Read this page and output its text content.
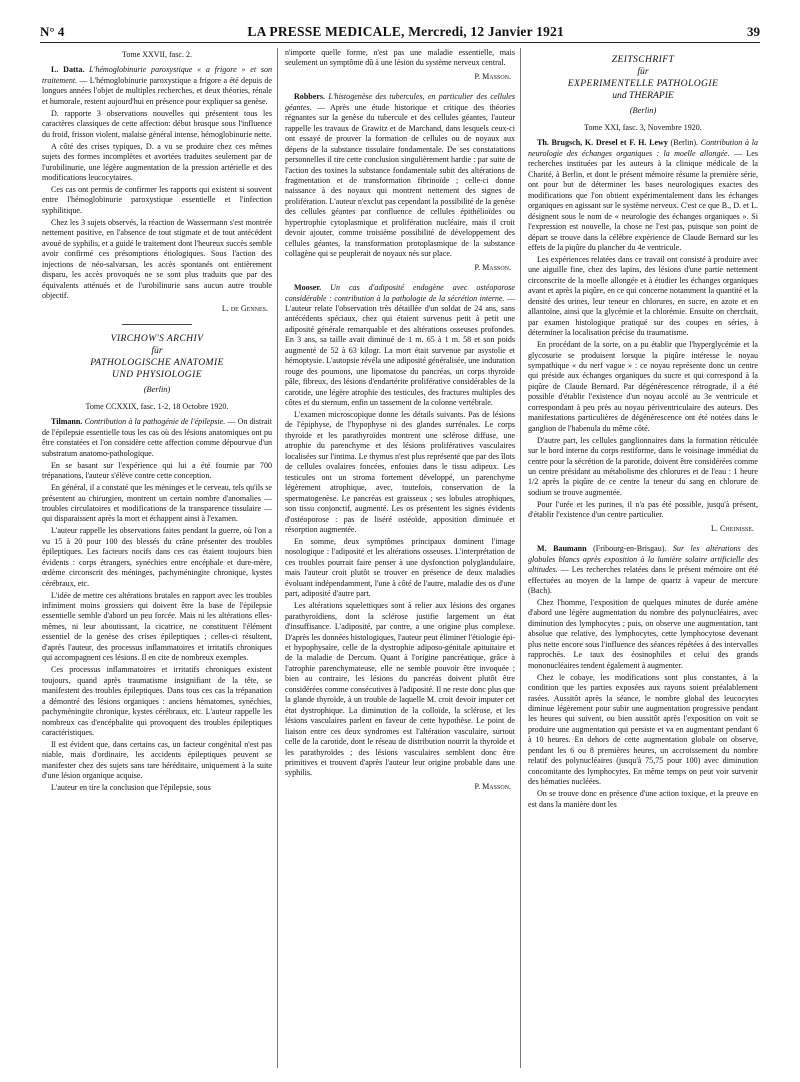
N° 4	LA PRESSE MEDICALE, Mercredi, 12 Janvier 1921	39
Tome XXVII, fasc. 2.

L. Datta. L'hémoglobinurie paroxystique « a frigore » et son traitement. — L'hémoglobinurie paroxystique a frigore a été depuis de longues années l'objet de multiples recherches, et deux théories, rénale et humorale, restent aujourd'hui en présence pour expliquer sa genèse.

D. rapporte 3 observations nouvelles qui présentent tous les caractères classiques de cette affection: début brusque sous l'influence du froid, frisson violent, malaise général intense, hémoglobinurie nette.

A côté des crises typiques, D. a vu se produire chez ces mêmes sujets des formes incomplètes et avortées traduites seulement par de l'urobilinurie, une légère augmentation de la pression artérielle et des modifications leucocytaires.

Ces cas ont permis de confirmer les rapports qui existent si souvent entre l'hémoglobinurie paroxystique essentielle et l'infection syphilitique.

Chez les 3 sujets observés, la réaction de Wassermann s'est montrée nettement positive, en l'absence de tout stigmate et de tout antécédent avoué de syphilis, et a guidé le traitement dont l'heureux succès semble avoir confirmé ces présomptions étiologiques. Sous l'action des injections de néo-salvarsan, les accès spontanés ont entièrement disparu, les accès provoqués ne se sont plus traduits que par des équivalents atténués et de l'urobilinurie sans aucun autre trouble objectif.

L. de Gennes.

VIRCHOW'S ARCHIV
für
PATHOLOGISCHE ANATOMIE
UND PHYSIOLOGIE
(Berlin)
Tome CCXXIX, fasc. 1-2, 18 Octobre 1920.

Tilmann. Contribution à la pathogénie de l'épilepsie. — On distrait de l'épilepsie essentielle tous les cas où des lésions anatomiques ont pu être constatées et l'on considère cette affection comme dépourvue d'un substratum anatomo-pathologique.

En se basant sur l'expérience qui lui a été fournie par 700 trépanations, l'auteur s'élève contre cette conception.

En général, il a constaté que les méninges et le cerveau, tels qu'ils se présentent au chirurgien, montrent un certain nombre d'anomalies — troubles circulatoires et modifications de la transparence tissulaire — qui disparaissent après la mort et échappent ainsi à l'examen.

L'auteur rappelle les observations faites pendant la guerre, où l'on a vu 15 à 20 pour 100 des blessés du crâne présenter des troubles épileptiques. Les facteurs nocifs dans ces cas étaient toujours bien évidents : corps étrangers, synéchies entre encéphale et dure-mère, œdème circonscrit des méninges, pachyméningite chronique, kystes cérébraux, etc.

L'idée de mettre ces altérations brutales en rapport avec les troubles infiniment moins grossiers qui doivent être la base de l'épilepsie essentielle semble d'abord un peu forcée. Mais ni les altérations elles-mêmes, ni leur aboutissant, la cicatrice, ne constituent l'élément essentiel de la genèse des crises épileptiques ; celles-ci résultent, d'après l'auteur, des processus inflammatoires et irritatifs chroniques qui accompagnent ces lésions. Il en cite de nombreux exemples.

Ces processus inflammatoires et irritatifs chroniques existent toujours, quand après traumatisme insignifiant de la tête, se manifestent des troubles épileptiques. Dans tous ces cas la trépanation a démontré des lésions organiques : anciens hématomes, synéchies, pachyméningite chronique, kystes cérébraux, etc. L'auteur rappelle les nombreux cas d'encéphalite qui provoquent des troubles épileptiques caractéristiques.

Il est évident que, dans certains cas, un facteur congénital n'est pas niable, mais d'ordinaire, les accidents épileptiques peuvent se manifester chez des sujets sans tare héréditaire, uniquement à la suite d'une lésion organique acquise.

L'auteur en tire la conclusion que l'épilepsie, sous

n'importe quelle forme, n'est pas une maladie essentielle, mais seulement un symptôme dû à une lésion du système nerveux central.

P. Masson.

Robbers. L'histogenèse des tubercules, en particulier des cellules géantes. — Après une étude historique et critique des théories régnantes sur la genèse du tubercule et des cellules géantes, l'auteur rappelle les travaux de Grawitz et de Marchand, dans lesquels ceux-ci ont essayé de prouver la formation de cellules ou de noyaux aux dépens de la substance tissulaire fondamentale. De ses constatations personnelles il tire cette conclusion singulièrement hardie : par suite de l'action des toxines la substance fondamentale subit des altérations de fragmentation et de transformation fibrinoïde ; celle-ci donne naissance à des noyaux qui montrent nettement des signes de prolifération. L'auteur n'exclut pas cependant la possibilité de la genèse des cellules géantes par confluence de cellules épithélioïdes ou hypertrophie cytoplasmique et prolifération nucléaire, mais il croit devoir ajouter, comme troisième possibilité de développement des cellules géantes, la transformation protoplasmique de la substance collagène qui se peuplerait de noyaux nés sur place.

P. Masson.

Mooser. Un cas d'adiposité endogène avec ostéoporose considérable : contribution à la pathologie de la sécrétion interne. — L'auteur relate l'observation très détaillée d'un soldat de 24 ans, sans antécédents spéciaux, chez qui étaient survenus petit à petit une adiposité générale remarquable et des altérations osseuses profondes. En 3 ans, sa taille avait diminué de 1 m. 65 à 1 m. 58 et son poids augmenté de 52 à 63 kilogr. La mort était survenue par asystolie et hémoptysie. L'autopsie révéla une adiposité généralisée, une induration rouge des poumons, une lipomatose du pancréas, un corps thyroïde pâle, fibreux, des lésions d'endartérite proliférative considérables de la carotide, une légère atrophie des testicules, des fractures multiples des côtes et du sternum, enfin un tassement de la colonne vertébrale.

L'examen microscopique donne les détails suivants. Pas de lésions de l'épiphyse, de l'hypophyse ni des glandes surrénales. Le corps thyroïde et les parathyroïdes montrent une sclérose diffuse, une atrophie du parenchyme et des lésions prolifératives vasculaires localisées sur l'intima. Le thymus n'est plus représenté que par des îlots de cellules ovalaires foncées, enfouies dans le tissu adipeux. Les testicules ont un stroma fortement développé, un parenchyme légèrement atrophique, avec, toutefois, conservation de la spermatogenèse. Le pancréas est graisseux ; ses lobules atrophiques, son tissu conjonctif, augmenté. Les os présentent les signes évidents d'ostéoporose : pas de liséré ostéoïde, apposition diminuée et résorption augmentée.

En somme, deux symptômes principaux dominent l'image nosologique : l'adiposité et les altérations osseuses. L'interprétation de ces troubles pourrait faire penser à une dysfonction polyglandulaire, mais l'auteur croit plutôt se trouver en présence de deux maladies évoluant indépendamment, l'une à côté de l'autre, maladie des os d'une part, adiposité d'autre part.

Les altérations squelettiques sont à relier aux lésions des organes parathyroïdiens, dont la sclérose justifie largement un état d'insuffisance. L'adiposité, par contre, a une origine plus complexe. D'après les données histologiques, l'auteur peut éliminer l'étiologie épi- et hypophysaire, celle de la dystrophie adiposo-génitale apituitaire et de la maladie de Dercum. Quant à l'origine pancréatique, grâce à l'atrophie parenchymateuse, elle ne semble pouvoir être invoquée ; bien au contraire, les lésions du pancréas doivent plutôt être considérées comme consécutives à l'adiposité. Il ne reste donc plus que la glande thyroïde, à un trouble de laquelle M. croit devoir imputer cet état dystrophique. La diminution de la colloïde, la sclérose, et les lésions vasculaires parlent en faveur de cette hypothèse. Le point de liaison entre ces deux syndromes est l'altération vasculaire, surtout celle de la carotide, dont le réseau de distribution nourrit la thyroïde et les parathyroïdes ; des lésions vasculaires semblent donc être primitives et trouvent d'après l'auteur leur origine probable dans une syphilis.

P. Masson.

ZEITSCHRIFT
für
EXPERIMENTELLE PATHOLOGIE
und THERAPIE
(Berlin)
Tome XXI, fasc. 3, Novembre 1920.

Th. Brugsch, K. Dresel et F. H. Lewy (Berlin). Contribution à la neurologie des échanges organiques : la moelle allongée. — Les recherches instituées par les auteurs à la clinique médicale de la Charité, à Berlin, et dont le présent mémoire résume la première série, ont pour but de déterminer les bases neurologiques exactes des modifications que l'on obtient expérimentalement dans les échanges organiques en agissant sur le système nerveux. C'est ce que B., D. et L. désignent sous le nom de « neurologie des échanges organiques ». Si l'expression est nouvelle, la chose ne l'est pas, puisque son point de départ se trouve dans la célèbre expérience de Claude Bernard sur les effets de la piqûre du plancher du 4e ventricule.

Les expériences relatées dans ce travail ont consisté à produire avec une aiguille fine, chez des lapins, des lésions d'une partie nettement circonscrite de la moelle allongée et à étudier les échanges organiques avant et après la piqûre, en ce qui concerne notamment la quantité et la densité des urines, leur teneur en chlorures, en sucre, en azote et en allantoïne, ainsi que la glycémie et la chlorémie. Ensuite on cherchait, par examen histologique pratiqué sur des coupes en séries, à déterminer la localisation précise du traumatisme.

En procédant de la sorte, on a pu établir que l'hyperglycémie et la glycosurie se produisent lorsque la piqûre intéresse le noyau sympathique « du nerf vague » : ce noyau représente donc un centre qui préside aux échanges organiques du sucre et qui correspond à la piqûre de Claude Bernard. Par dégénérescence rétrograde, il a été possible d'établir l'existence d'un noyau accolé au 3e ventricule et correspondant à peu près au noyau périventriculaire des auteurs. Des manifestations particulières de dégénérescence ont été notées dans le ganglion de l'habenula du même côté.

D'autre part, les cellules ganglionnaires dans la formation réticulée sur le bord interne du corps restiforme, dans le voisinage immédiat du centre pour la sécrétion de la parotide, doivent être considérées comme un centre présidant au métabolisme des chlorures et de l'eau : 1 heure 1/2 après la piqûre de ce centre la teneur du sang en chlorure de sodium se trouve augmentée.

Pour l'urée et les purines, il n'a pas été possible, jusqu'à présent, d'établir l'existence d'un centre particulier.

L. Cheinisse.

M. Baumann (Fribourg-en-Brisgau). Sur les altérations des globules blancs après exposition à la lumière solaire artificielle des altitudes. — Les recherches relatées dans le présent mémoire ont été effectuées au moyen de la lampe de quartz à vapeur de mercure (Bach).

Chez l'homme, l'exposition de quelques minutes de durée amène d'abord une légère augmentation du nombre des polynucléaires, avec diminution des lymphocytes ; puis, on observe une augmentation, tant absolue que relative, des lymphocytes, cette lymphocytose devenant plus nette encore sous l'influence des séances répétées à des intervalles rapprochés. Le taux des éosinophiles et celui des grands mononucléaires tendent également à augmenter.

Chez le cobaye, les modifications sont plus constantes, à la condition que les parties exposées aux rayons soient préalablement rasées. Aussitôt après la séance, le nombre global des leucocytes diminue légèrement pour subir une augmentation progressive pendant les heures qui suivent, ou bien aussitôt après l'exposition on voit se produire une augmentation qui persiste et va en augmentant pendant 6 à 10 heures. En dehors de cette augmentation globale on observe, pendant les 6 ou 8 premières heures, un accroissement du nombre relatif des polynucléaires (jusqu'à 75,75 pour 100) avec diminution concomitante des lymphocytes. En même temps on peut voir survenir des hématies nucléées.

On se trouve donc en présence d'une action toxique, et la preuve en est dans la manière dont les
